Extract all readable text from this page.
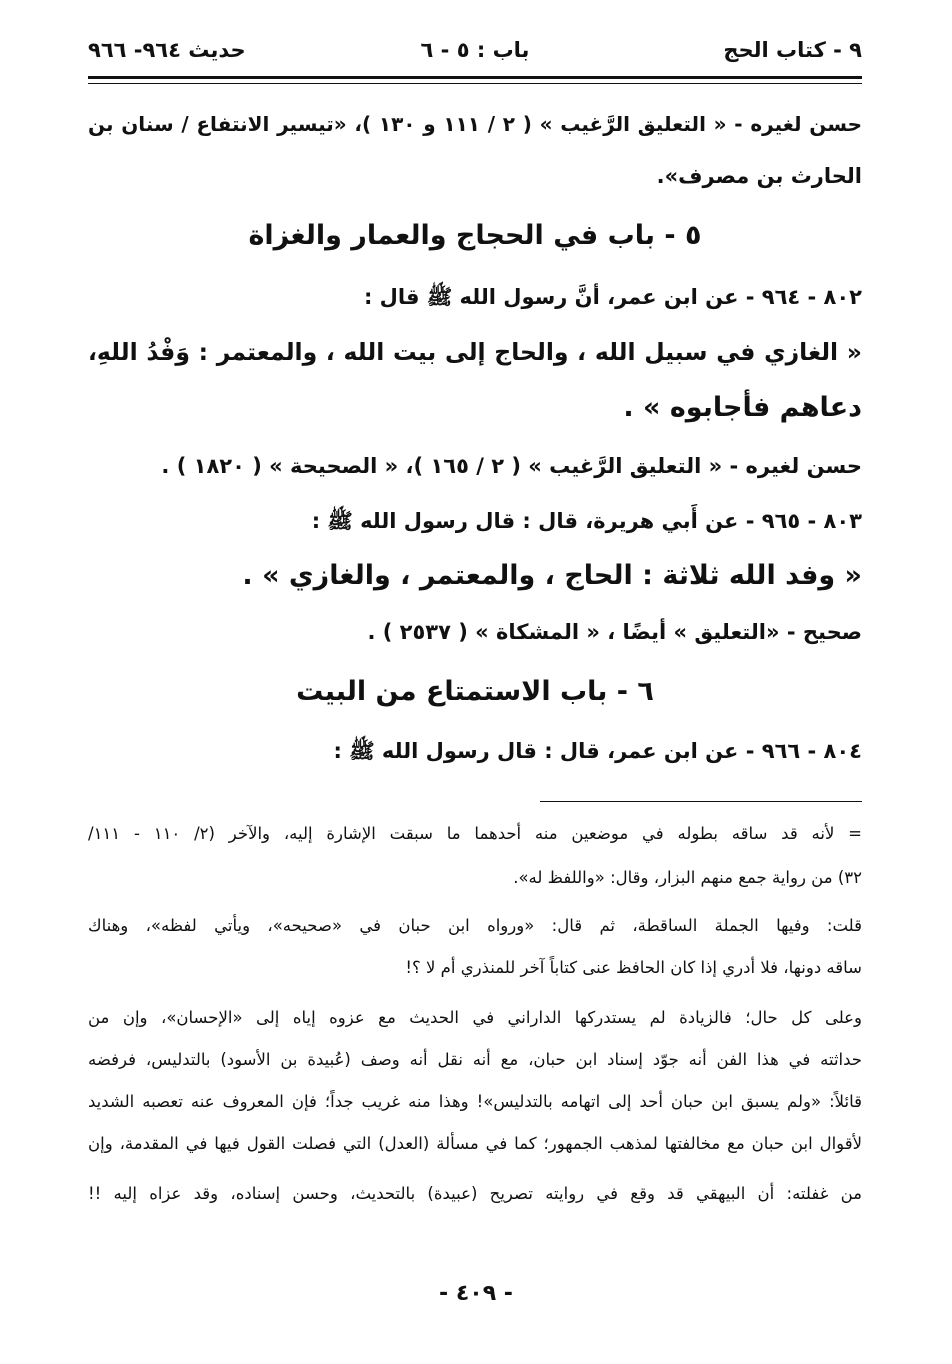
٩ - كتاب الحج
باب : ٥ - ٦
حديث ٩٦٤- ٩٦٦
حسن لغيره - « التعليق الرَّغيب » ( ٢ / ١١١ و ١٣٠ )، «تيسير الانتفاع / سنان بن
الحارث بن مصرف».
٥ - باب في الحجاج والعمار والغزاة
٨٠٢ - ٩٦٤ - عن ابن عمر، أنَّ رسول الله ﷺ قال :
« الغازي في سبيل الله ، والحاج إلى بيت الله ، والمعتمر : وَفْدُ اللهِ،
دعاهم فأجابوه » .
حسن لغيره - « التعليق الرَّغيب » ( ٢ / ١٦٥ )، « الصحيحة » ( ١٨٢٠ ) .
٨٠٣ - ٩٦٥ - عن أَبي هريرة، قال : قال رسول الله ﷺ :
« وفد الله ثلاثة : الحاج ، والمعتمر ، والغازي » .
صحيح - «التعليق » أيضًا ، « المشكاة » ( ٢٥٣٧ ) .
٦ - باب الاستمتاع من البيت
٨٠٤ - ٩٦٦ - عن ابن عمر، قال : قال رسول الله ﷺ :
= لأنه قد ساقه بطوله في موضعين منه أحدهما ما سبقت الإشارة إليه، والآخر (٢/ ١١٠ - ١١١/
٣٢) من رواية جمع منهم البزار، وقال: «واللفظ له».
قلت: وفيها الجملة الساقطة، ثم قال: «ورواه ابن حبان في «صحيحه»، ويأتي لفظه»، وهناك
ساقه دونها، فلا أدري إذا كان الحافظ عنى كتاباً آخر للمنذري أم لا ؟!
وعلى كل حال؛ فالزيادة لم يستدركها الداراني في الحديث مع عزوه إياه إلى «الإحسان»، وإن من
حداثته في هذا الفن أنه جوّد إسناد ابن حبان، مع أنه نقل أنه وصف (عُبيدة بن الأسود) بالتدليس، فرفضه
قائلاً: «ولم يسبق ابن حبان أحد إلى اتهامه بالتدليس»! وهذا منه غريب جداً؛ فإن المعروف عنه تعصبه الشديد
لأقوال ابن حبان مع مخالفتها لمذهب الجمهور؛ كما في مسألة (العدل) التي فصلت القول فيها في المقدمة، وإن
من غفلته: أن البيهقي قد وقع في روايته تصريح (عبيدة) بالتحديث، وحسن إسناده، وقد عزاه إليه !!
- ٤٠٩ -
